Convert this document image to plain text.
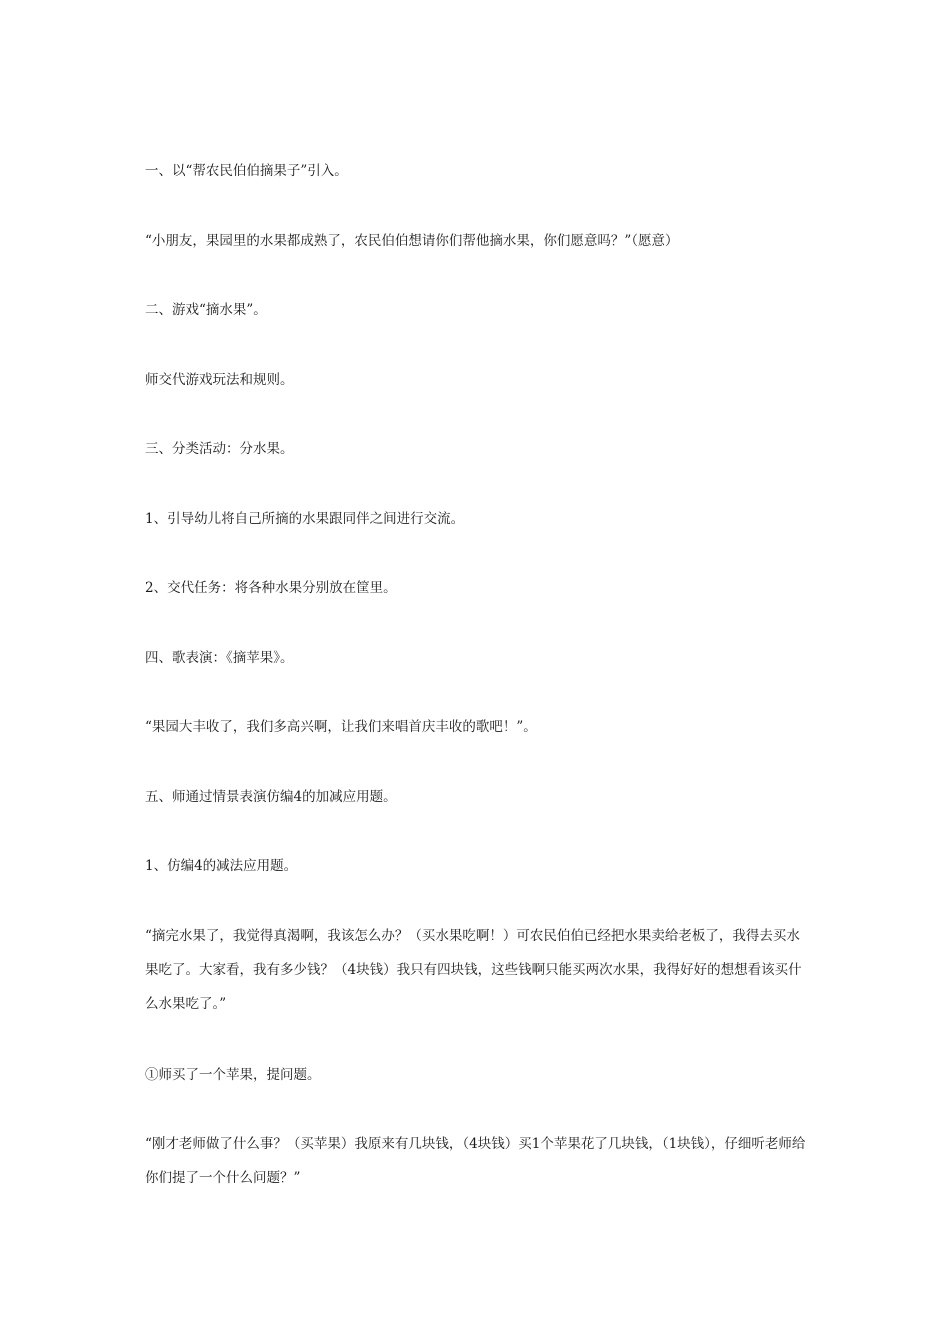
一、以“帮农民伯伯摘果子”引入。

“小朋友，果园里的水果都成熟了，农民伯伯想请你们帮他摘水果，你们愿意吗？”（愿意）

二、游戏“摘水果”。

师交代游戏玩法和规则。

三、分类活动：分水果。

1、引导幼儿将自己所摘的水果跟同伴之间进行交流。

2、交代任务：将各种水果分别放在筐里。

四、歌表演：《摘苹果》。

“果园大丰收了，我们多高兴啊，让我们来唱首庆丰收的歌吧！”。

五、师通过情景表演仿编4的加减应用题。

1、仿编4的减法应用题。

“摘完水果了，我觉得真渴啊，我该怎么办？（买水果吃啊！）可农民伯伯已经把水果卖给老板了，我得去买水果吃了。大家看，我有多少钱？（4块钱）我只有四块钱，这些钱啊只能买两次水果，我得好好的想想看该买什么水果吃了。”

①师买了一个苹果，提问题。

“刚才老师做了什么事？（买苹果）我原来有几块钱，（4块钱）买1个苹果花了几块钱，（1块钱），仔细听老师给你们提了一个什么问题？”
